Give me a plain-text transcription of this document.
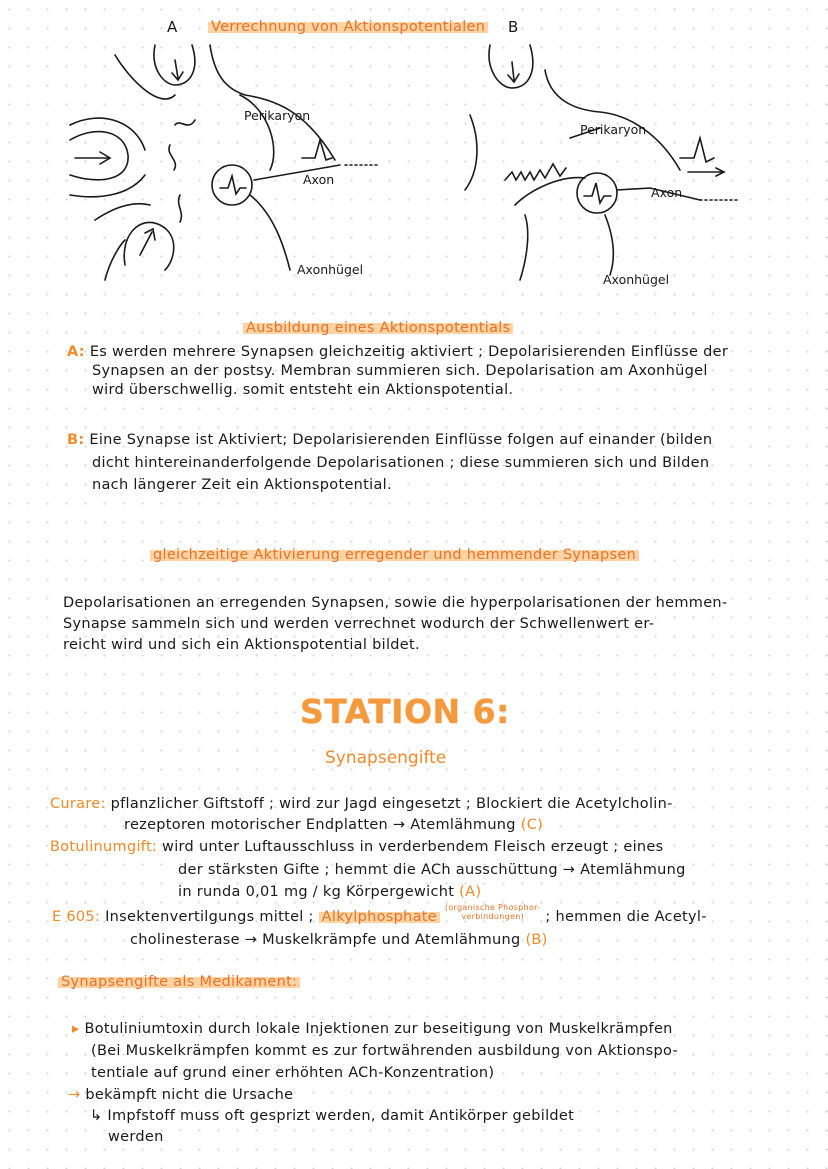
A Verrechnung von Aktionspotentialen B
Perikaryon
Axon
Axonhügel
Perikaryon
Axon
Axonhügel
Ausbildung eines Aktionspotentials
A: Es werden mehrere Synapsen gleichzeitig aktiviert ; Depolarisierenden Einflüsse der
Synapsen an der postsy. Membran summieren sich. Depolarisation am Axonhügel
wird überschwellig. somit entsteht ein Aktionspotential.
B: Eine Synapse ist Aktiviert; Depolarisierenden Einflüsse folgen auf einander (bilden
dicht hintereinanderfolgende Depolarisationen ; diese summieren sich und Bilden
nach längerer Zeit ein Aktionspotential.
gleichzeitige Aktivierung erregender und hemmender Synapsen
Depolarisationen an erregenden Synapsen, sowie die hyperpolarisationen der hemmen-
Synapse sammeln sich und werden verrechnet wodurch der Schwellenwert er-
reicht wird und sich ein Aktionspotential bildet.
STATION 6:
Synapsengifte
Curare: pflanzlicher Giftstoff ; wird zur Jagd eingesetzt ; Blockiert die Acetylcholin-
rezeptoren motorischer Endplatten → Atemlähmung (C)
Botulinumgift: wird unter Luftausschluss in verderbendem Fleisch erzeugt ; eines
der stärksten Gifte ; hemmt die ACh ausschüttung → Atemlähmung
in runda 0,01 mg / kg Körpergewicht (A)
E 605: Insektenvertilgungs mittel ; Alkylphosphate
(organische Phosphor-
verbindungen)	; hemmen die Acetyl-
cholinesterase → Muskelkrämpfe und Atemlähmung (B)
Synapsengifte als Medikament:
▸ Botuliniumtoxin durch lokale Injektionen zur beseitigung von Muskelkrämpfen
(Bei Muskelkrämpfen kommt es zur fortwährenden ausbildung von Aktionspo-
tentiale auf grund einer erhöhten ACh-Konzentration)
→ bekämpft nicht die Ursache
↳ Impfstoff muss oft gesprizt werden, damit Antikörper gebildet
werden
